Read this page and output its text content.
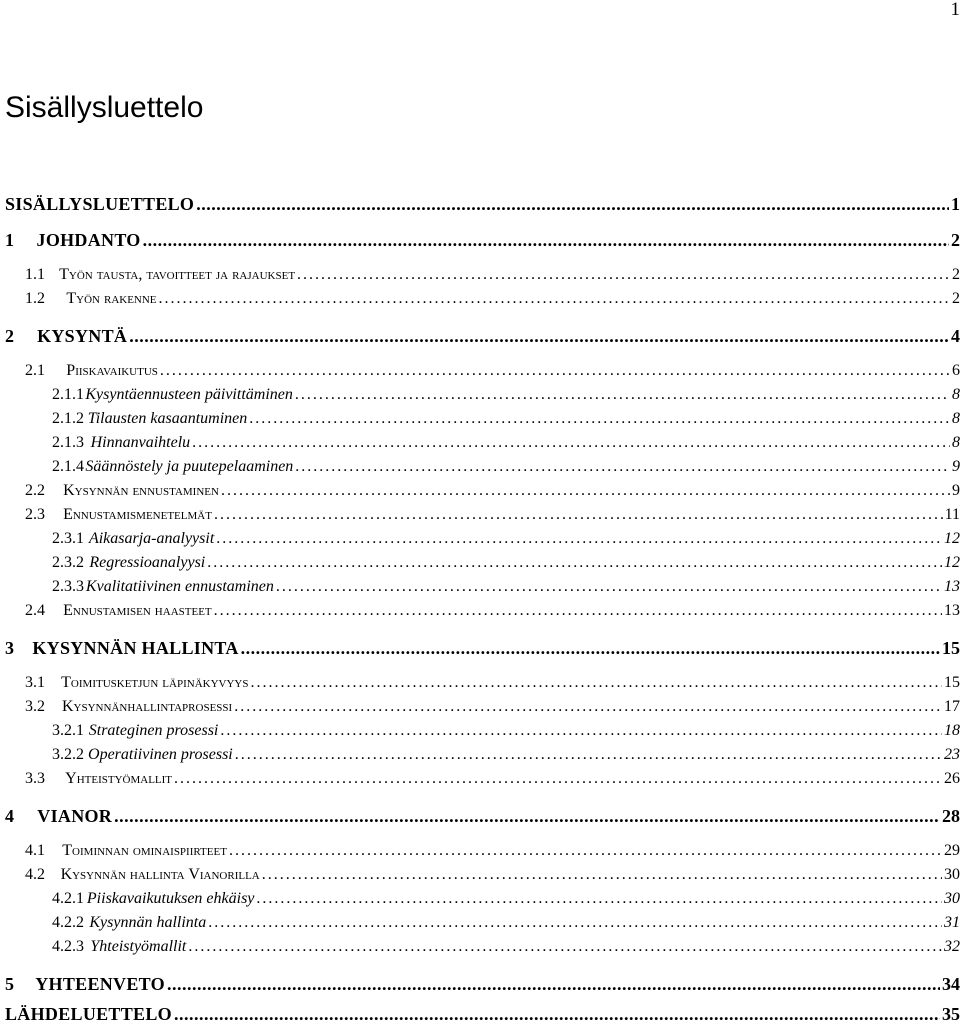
1
Sisällysluettelo
SISÄLLYSLUETTELO . . .	1
1	JOHDANTO . . .	2
1.1 Työn tausta, tavoitteet ja rajaukset . . .	2
1.2	Työn rakenne . . .	2
2	KYSYNTÄ . . .	4
2.1	Piiskavaikutus . . .	6
2.1.1 Kysyntäennusteen päivittäminen . . .	8
2.1.2 Tilausten kasaantuminen . . .	8
2.1.3 Hinnanvaihtelu . . .	8
2.1.4 Säännöstely ja puutepelaaminen . . .	9
2.2	Kysynnän ennustaminen . . .	9
2.3	Ennustamismenetelmät . . .	11
2.3.1 Aikasarja-analyysit . . .	12
2.3.2 Regressioanalyysi . . .	12
2.3.3 Kvalitatiivinen ennustaminen . . .	13
2.4	Ennustamisen haasteet . . .	13
3	KYSYNNÄN HALLINTA . . .	15
3.1	Toimitusketjun läpinäkyvyys . . .	15
3.2	Kysynnänhallintaprosessi . . .	17
3.2.1 Strateginen prosessi . . .	18
3.2.2 Operatiivinen prosessi . . .	23
3.3	Yhteistyömallit . . .	26
4	VIANOR . . .	28
4.1	Toiminnan ominaispiirteet . . .	29
4.2 Kysynnän hallinta Vianorilla . . .	30
4.2.1 Piiskavaikutuksen ehkäisy . . .	30
4.2.2 Kysynnän hallinta . . .	31
4.2.3 Yhteistyömallit . . .	32
5	YHTEENVETO . . .	34
LÄHDELUETTELO . . .	35
